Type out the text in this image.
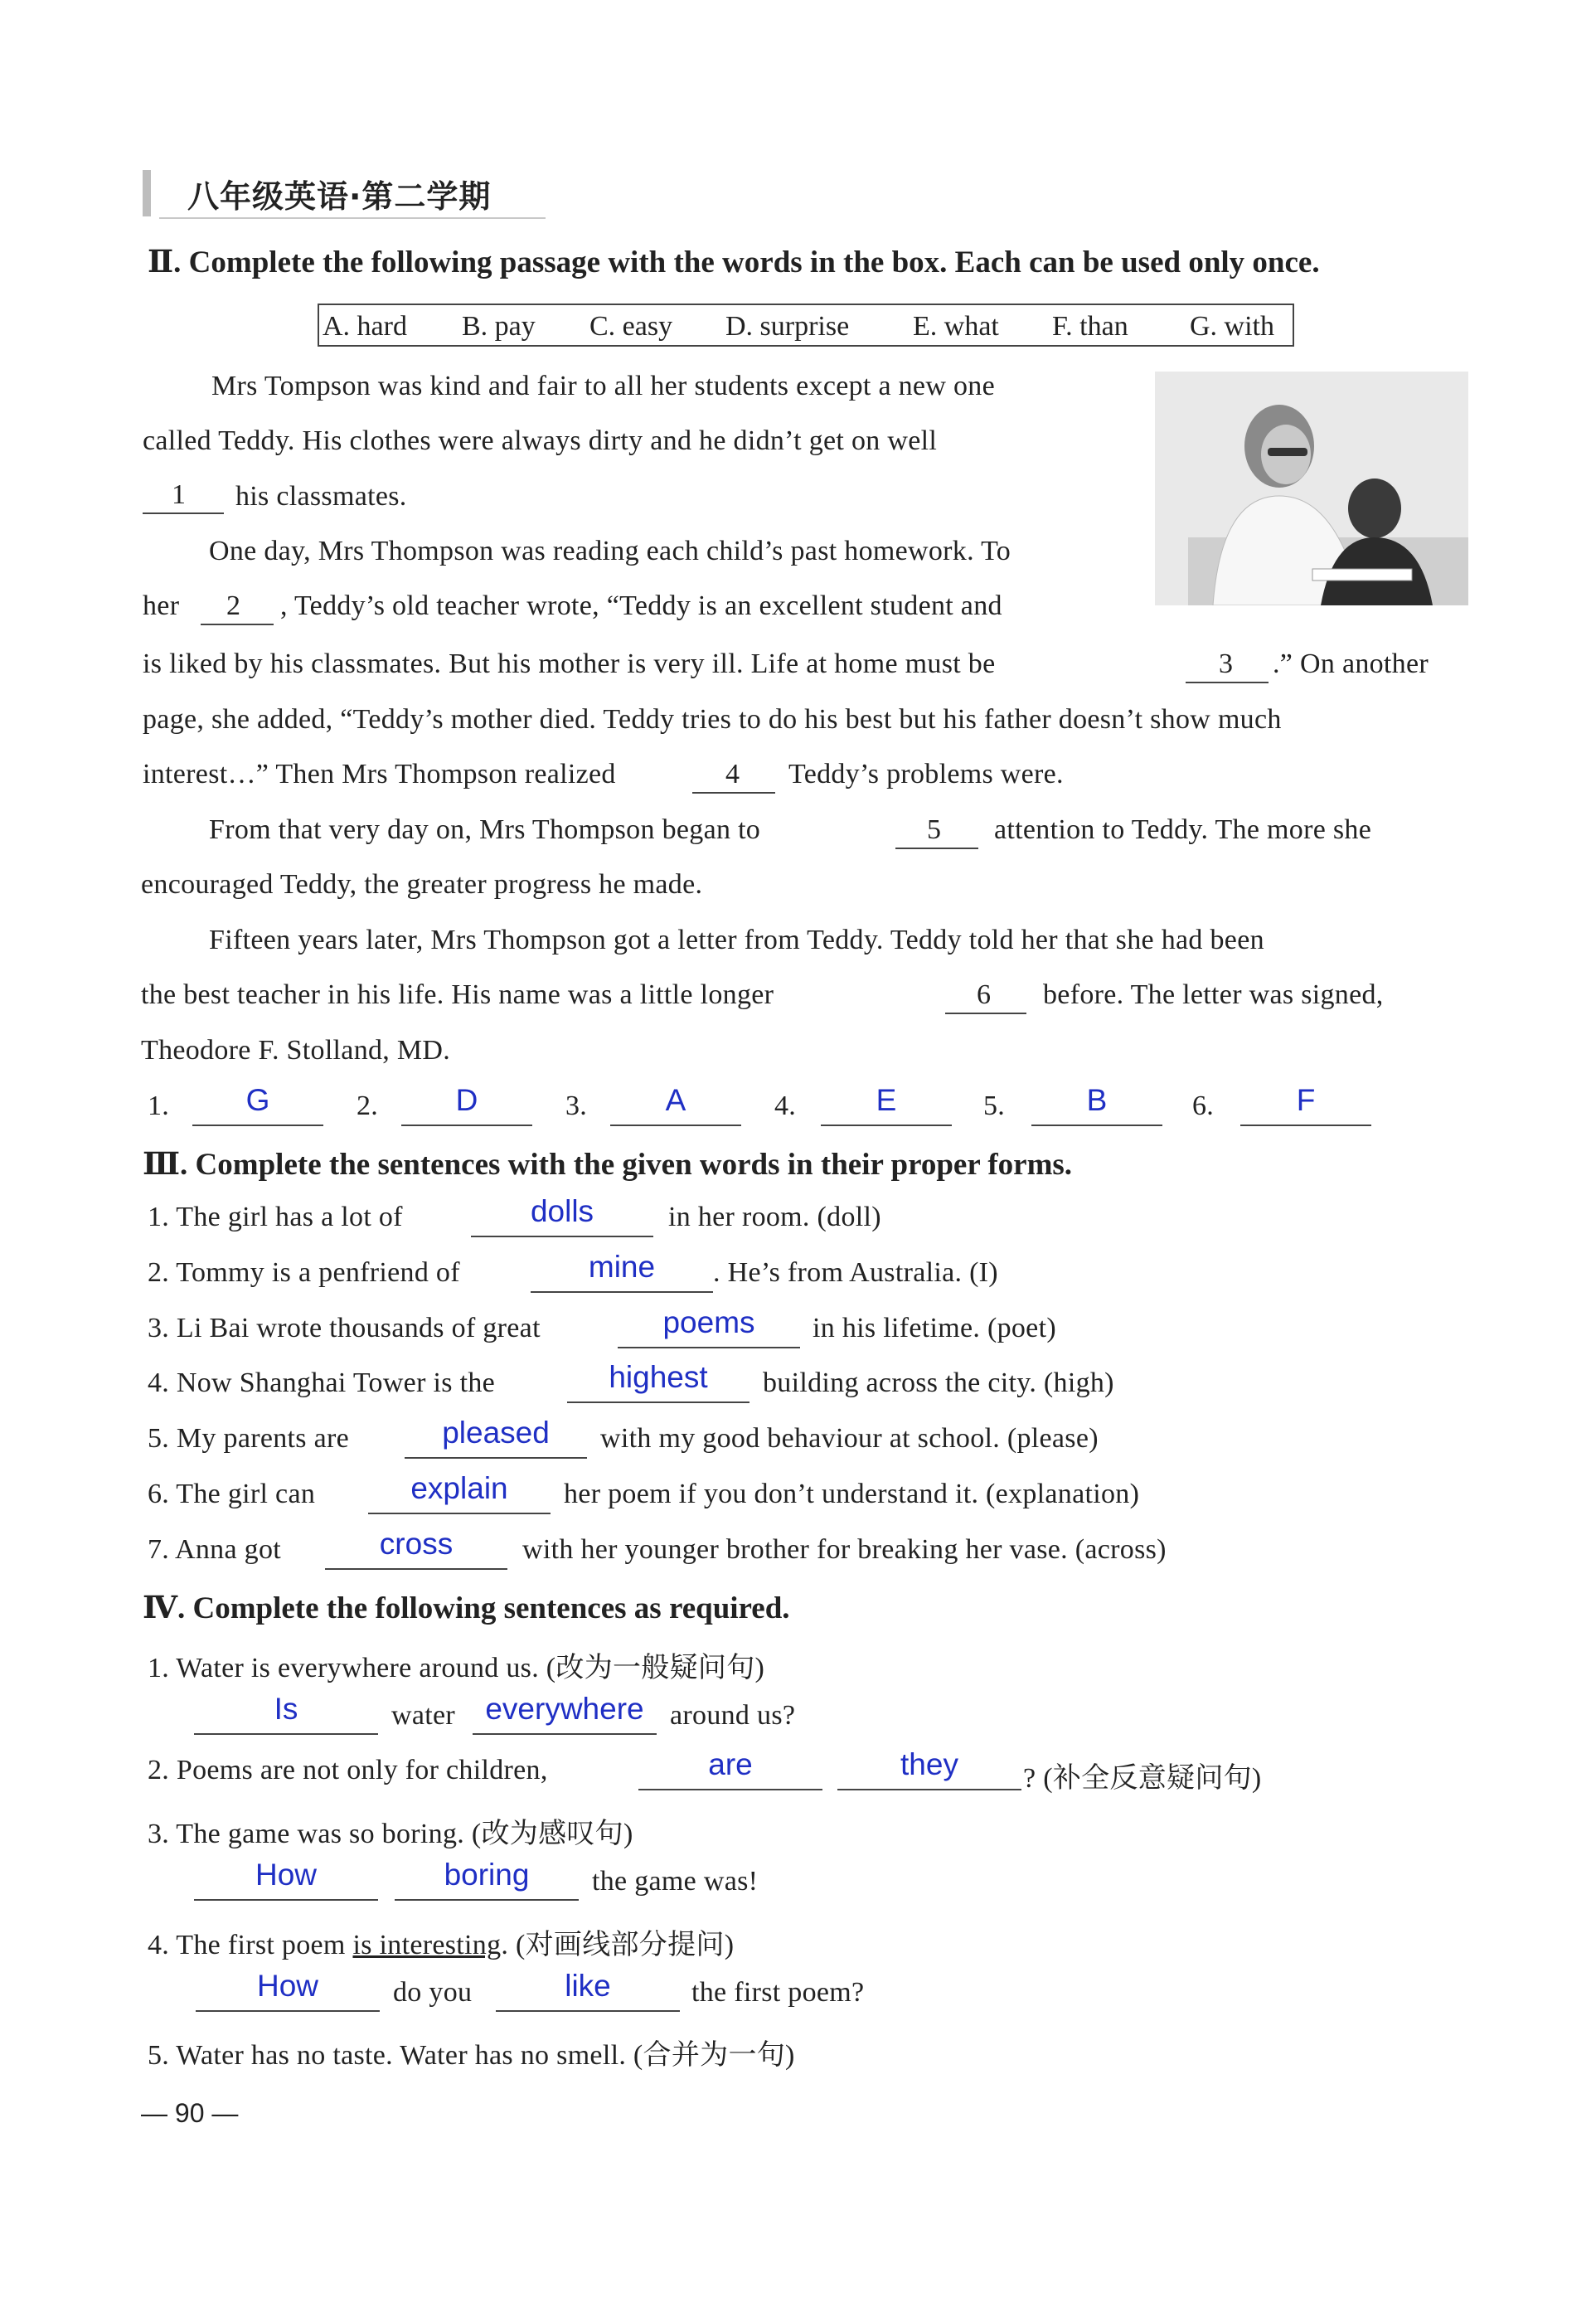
八年级英语·第二学期
Ⅱ. Complete the following passage with the words in the box. Each can be used only once.
A. hard B. pay C. easy D. surprise E. what F. than G. with
Mrs Tompson was kind and fair to all her students except a new one
called Teddy. His clothes were always dirty and he didn’t get on well
1 his classmates.
One day, Mrs Thompson was reading each child’s past homework. To
her 2 , Teddy’s old teacher wrote, “Teddy is an excellent student and
is liked by his classmates. But his mother is very ill. Life at home must be	3 .” On another
page, she added, “Teddy’s mother died. Teddy tries to do his best but his father doesn’t show much
interest…” Then Mrs Thompson realized	4 Teddy’s problems were.
From that very day on, Mrs Thompson began to	5 attention to Teddy. The more she
encouraged Teddy, the greater progress he made.
Fifteen years later, Mrs Thompson got a letter from Teddy. Teddy told her that she had been
the best teacher in his life. His name was a little longer	6 before. The letter was signed,
Theodore F. Stolland, MD.
1.	G	2.	D	3.	A	4.	E	5.	B	6.	F
Ⅲ. Complete the sentences with the given words in their proper forms.
1. The girl has a lot of	dolls	in her room. (doll)
2. Tommy is a penfriend of	mine	. He’s from Australia. (I)
3. Li Bai wrote thousands of great	poems	in his lifetime. (poet)
4. Now Shanghai Tower is the	highest	building across the city. (high)
5. My parents are	pleased	with my good behaviour at school. (please)
6. The girl can	explain	her poem if you don’t understand it. (explanation)
7. Anna got	cross	with her younger brother for breaking her vase. (across)
Ⅳ. Complete the following sentences as required.
1. Water is everywhere around us. (改为一般疑问句)
Is	water everywhere around us?
2. Poems are not only for children,	are	they	? (补全反意疑问句)
3. The game was so boring. (改为感叹句)
How	boring	the game was!
4. The first poem is interesting. (对画线部分提问)
How	do you	like	the first poem?
5. Water has no taste. Water has no smell. (合并为一句)
— 90 —
